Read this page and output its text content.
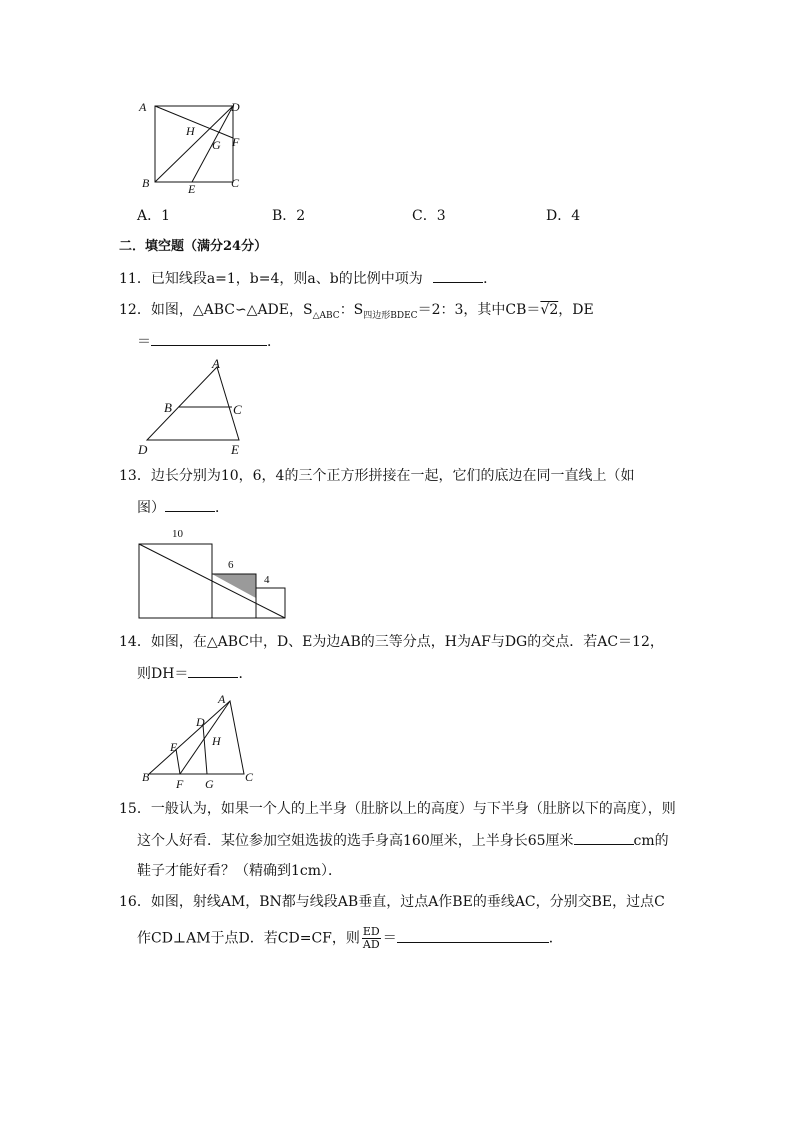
A	D
H
F
G
B	E	C
A．1	B．2	C．3	D．4
二．填空题（满分24分）
11．已知线段a=1，b=4，则a、b的比例中项为	．
12．如图，△ABC∽△ADE，$S_{\triangle ABC}$：$S_{四边形BDEC}=2$：3，其中CB＝√2，DE
＝	．
A
B	C
D	E
13．边长分别为10，6，4的三个正方形拼接在一起，它们的底边在同一直线上（如
图）	．
10
6
4
14．如图，在△ABC中，D、E为边AB的三等分点，H为AF与DG的交点．若AC＝12，
则DH＝	．
A
D
H
E
B F G	C
15．一般认为，如果一个人的上半身（肚脐以上的高度）与下半身（肚脐以下的高度），则
这个人好看．某位参加空姐选拔的选手身高160厘米，上半身长65厘米	cm的
鞋子才能好看？（精确到1cm）．
16．如图，射线AM，BN都与线段AB垂直，过点A作BE的垂线AC，分别交BE，过点C
作CD⊥AM于点D．若CD=CF，则 $\frac{ED}{AD}$ ＝	．
